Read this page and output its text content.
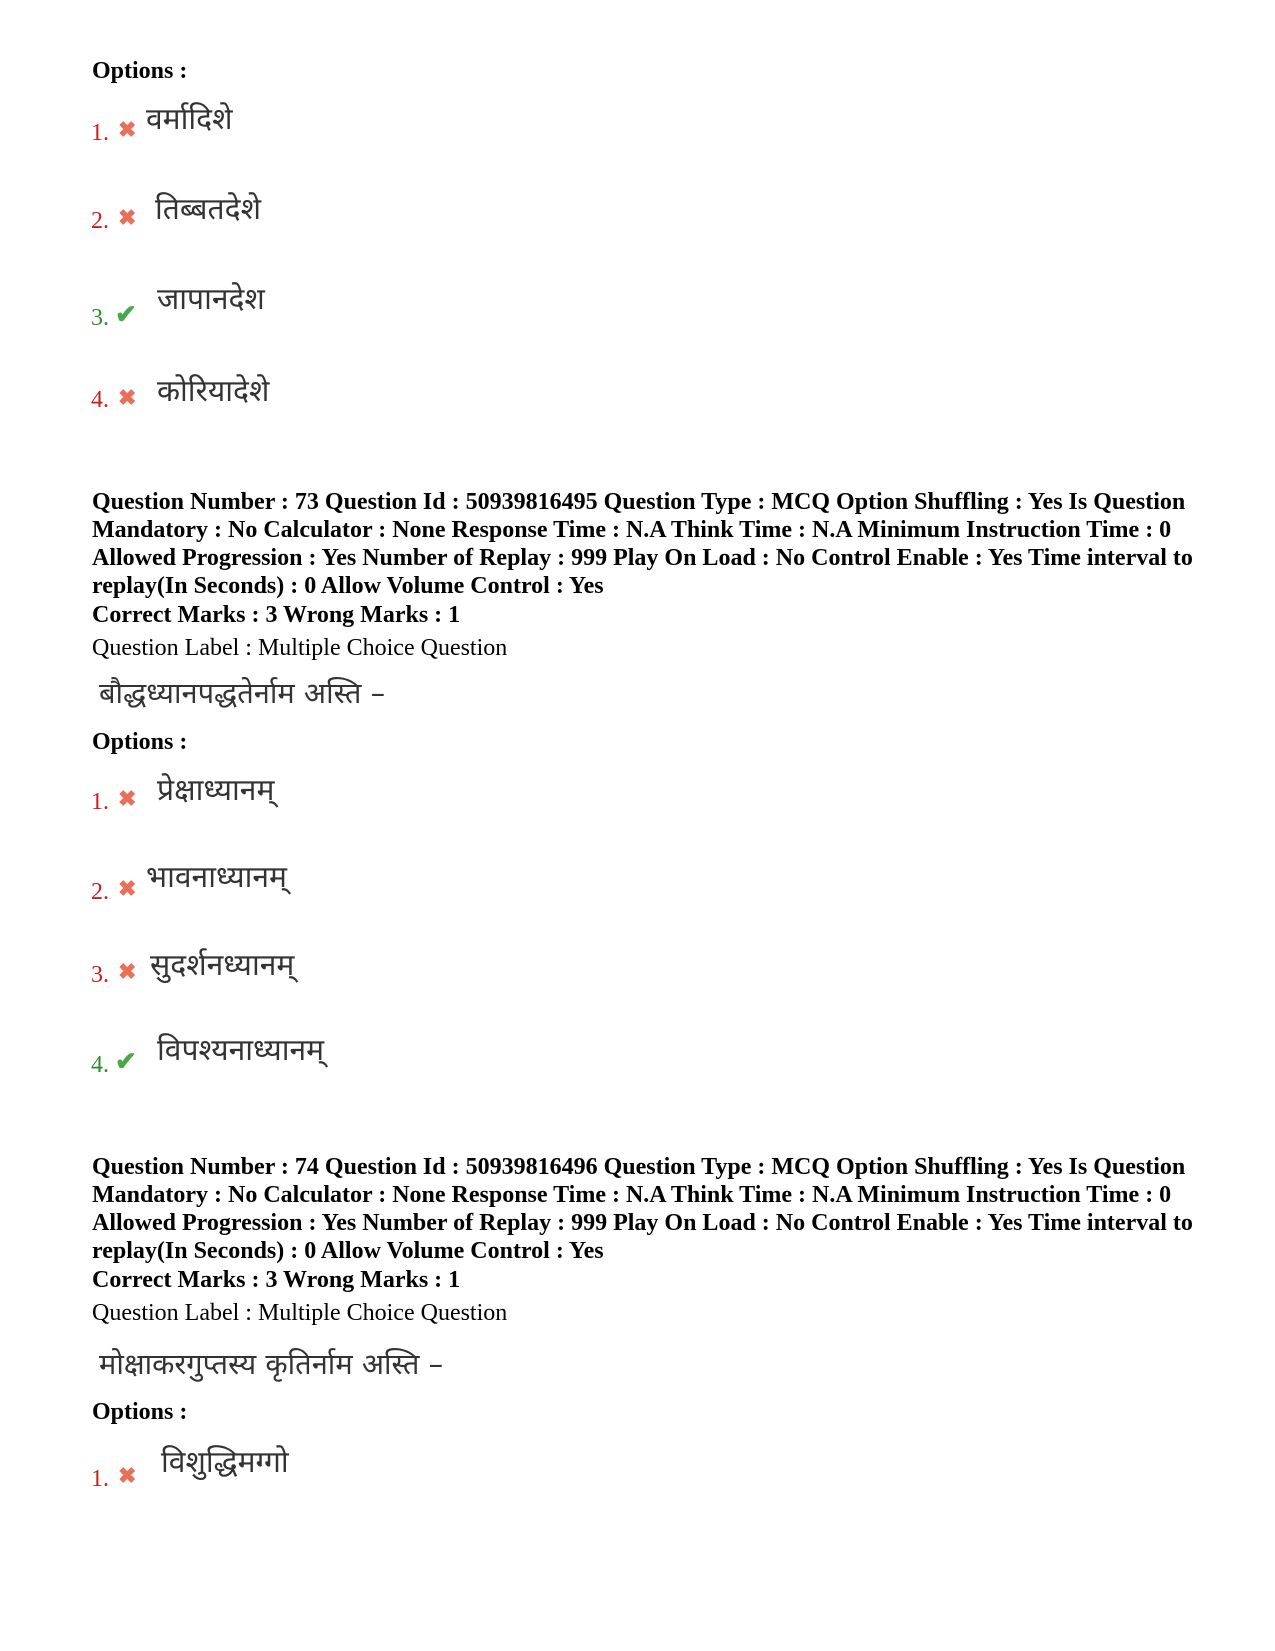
Options :
1. ✖ वर्मादिशे
2. ✖ तिब्बतदेशे
3. ✔ जापानदेश
4. ✖ कोरियादेशे
Question Number : 73 Question Id : 50939816495 Question Type : MCQ Option Shuffling : Yes Is Question Mandatory : No Calculator : None Response Time : N.A Think Time : N.A Minimum Instruction Time : 0 Allowed Progression : Yes Number of Replay : 999 Play On Load : No Control Enable : Yes Time interval to replay(In Seconds) : 0 Allow Volume Control : Yes
Correct Marks : 3 Wrong Marks : 1
Question Label : Multiple Choice Question
बौद्धध्यानपद्धतेर्नाम अस्ति –
Options :
1. ✖ प्रेक्षाध्यानम्
2. ✖ भावनाध्यानम्
3. ✖ सुदर्शनध्यानम्
4. ✔ विपश्यनाध्यानम्
Question Number : 74 Question Id : 50939816496 Question Type : MCQ Option Shuffling : Yes Is Question Mandatory : No Calculator : None Response Time : N.A Think Time : N.A Minimum Instruction Time : 0 Allowed Progression : Yes Number of Replay : 999 Play On Load : No Control Enable : Yes Time interval to replay(In Seconds) : 0 Allow Volume Control : Yes
Correct Marks : 3 Wrong Marks : 1
Question Label : Multiple Choice Question
मोक्षाकरगुप्तस्य कृतिर्नाम अस्ति –
Options :
1. ✖ विशुद्धिमग्गो
